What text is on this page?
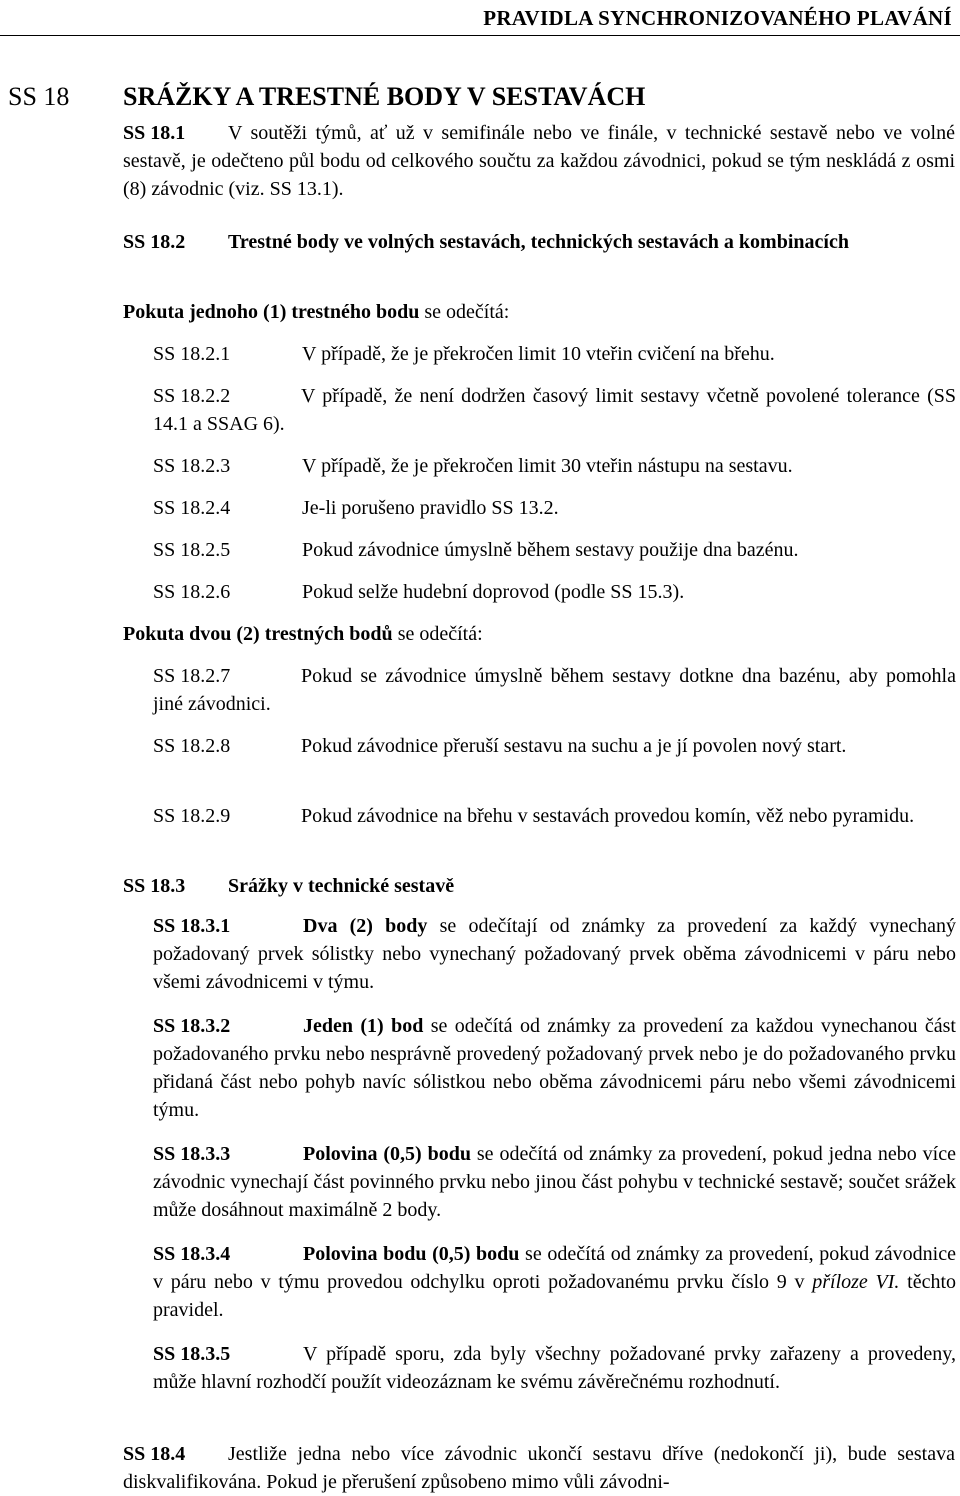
PRAVIDLA SYNCHRONIZOVANÉHO PLAVÁNÍ
SS 18 SRÁŽKY A TRESTNÉ BODY V SESTAVÁCH
SS 18.1 V soutěži týmů, ať už v semifinále nebo ve finále, v technické sestavě nebo ve volné sestavě, je odečteno půl bodu od celkového součtu za každou závodnici, pokud se tým neskládá z osmi (8) závodnic (viz. SS 13.1).
SS 18.2 Trestné body ve volných sestavách, technických sestavách a kombinacích
Pokuta jednoho (1) trestného bodu se odečítá:
SS 18.2.1	V případě, že je překročen limit 10 vteřin cvičení na břehu.
SS 18.2.2	V případě, že není dodržen časový limit sestavy včetně povolené tolerance (SS 14.1 a SSAG 6).
SS 18.2.3	V případě, že je překročen limit 30 vteřin nástupu na sestavu.
SS 18.2.4	Je-li porušeno pravidlo SS 13.2.
SS 18.2.5	Pokud závodnice úmyslně během sestavy použije dna bazénu.
SS 18.2.6	Pokud selže hudební doprovod (podle SS 15.3).
Pokuta dvou (2) trestných bodů se odečítá:
SS 18.2.7	Pokud se závodnice úmyslně během sestavy dotkne dna bazénu, aby pomohla jiné závodnici.
SS 18.2.8	Pokud závodnice přeruší sestavu na suchu a je jí povolen nový start.
SS 18.2.9	Pokud závodnice na břehu v sestavách provedou komín, věž nebo pyramidu.
SS 18.3 Srážky v technické sestavě
SS 18.3.1	Dva (2) body se odečítají od známky za provedení za každý vynechaný požadovaný prvek sólistky nebo vynechaný požadovaný prvek oběma závodnicemi v páru nebo všemi závodnicemi v týmu.
SS 18.3.2	Jeden (1) bod se odečítá od známky za provedení za každou vynechanou část požadovaného prvku nebo nesprávně provedený požadovaný prvek nebo je do požadovaného prvku přidaná část nebo pohyb navíc sólistkou nebo oběma závodnicemi páru nebo všemi závodnicemi týmu.
SS 18.3.3	Polovina (0,5) bodu se odečítá od známky za provedení, pokud jedna nebo více závodnic vynechají část povinného prvku nebo jinou část pohybu v technické sestavě; součet srážek může dosáhnout maximálně 2 body.
SS 18.3.4	Polovina bodu (0,5) bodu se odečítá od známky za provedení, pokud závodnice v páru nebo v týmu provedou odchylku oproti požadovanému prvku číslo 9 v příloze VI. těchto pravidel.
SS 18.3.5	V případě sporu, zda byly všechny požadované prvky zařazeny a provedeny, může hlavní rozhodčí použít videozáznam ke svému závěrečnému rozhodnutí.
SS 18.4 Jestliže jedna nebo více závodnic ukončí sestavu dříve (nedokončí ji), bude sestava diskvalifikována. Pokud je přerušení způsobeno mimo vůli závodni-
